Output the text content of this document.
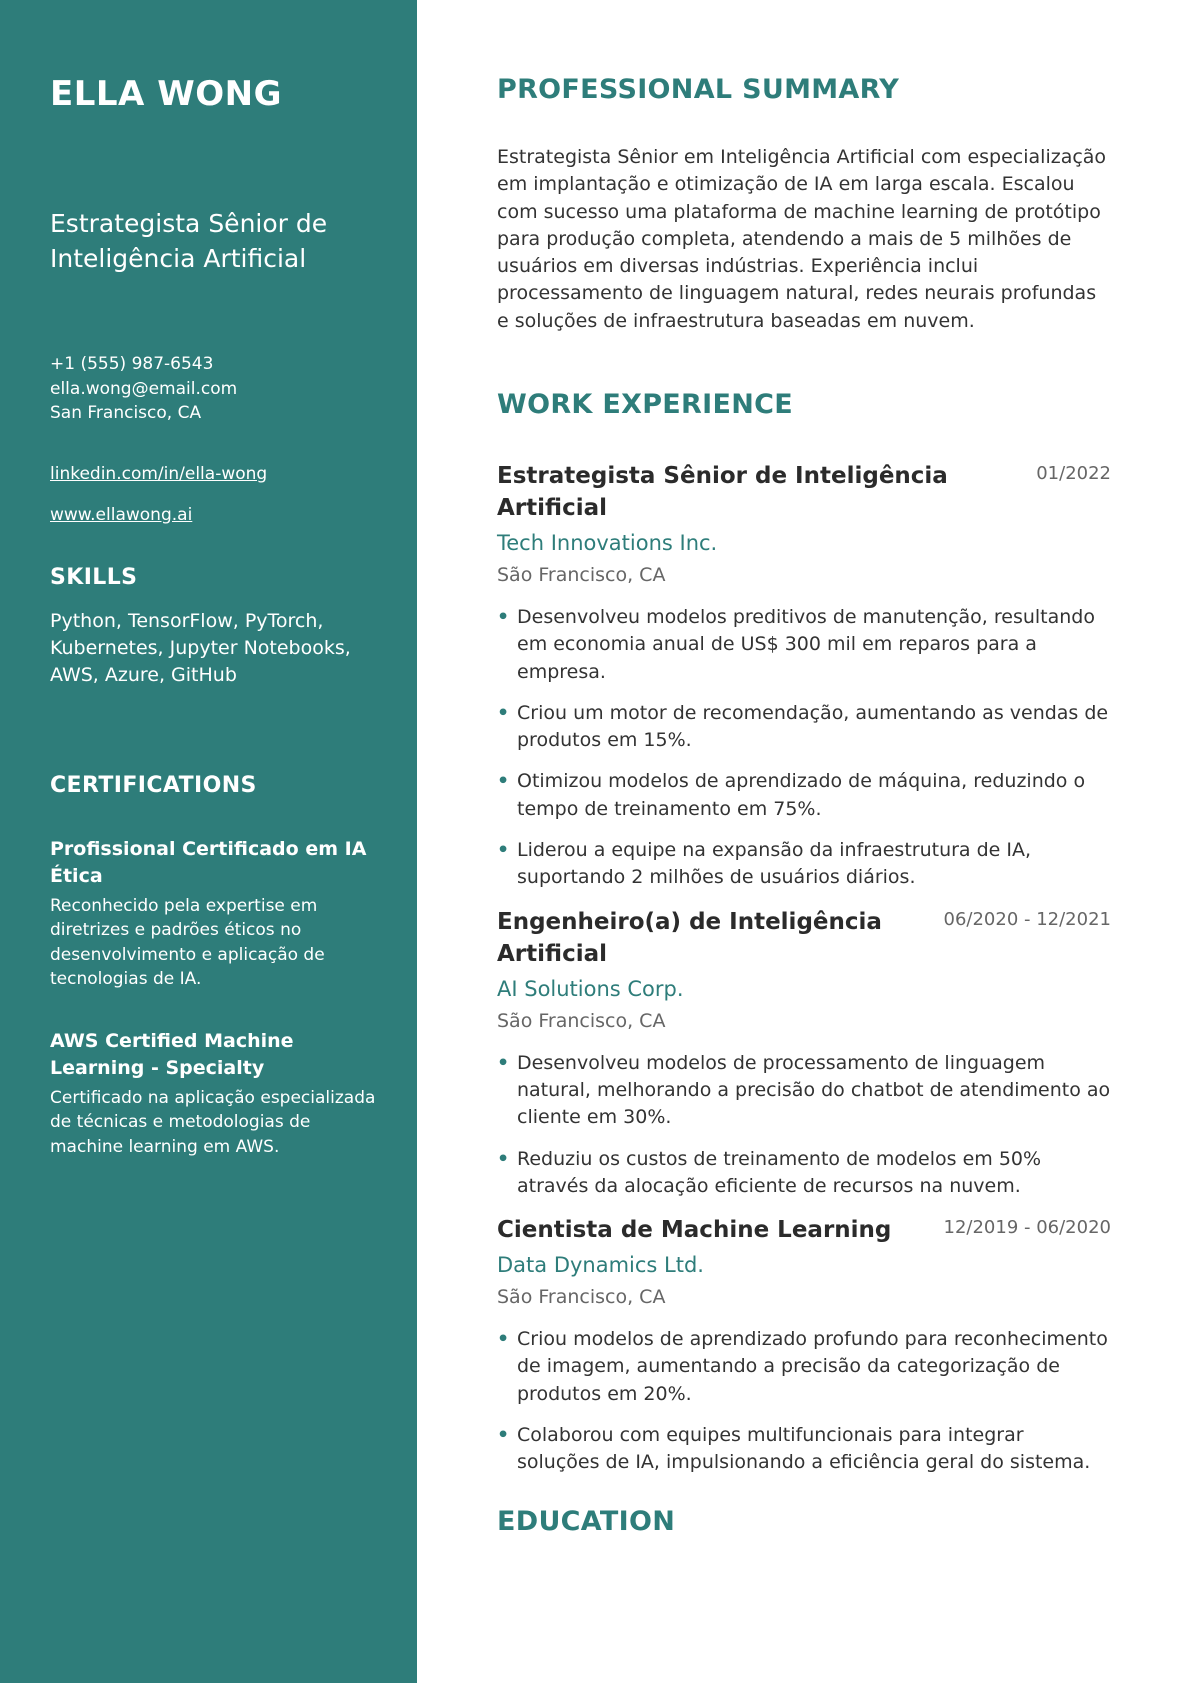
ELLA WONG
Estrategista Sênior de Inteligência Artificial
+1 (555) 987-6543
ella.wong@email.com
San Francisco, CA
linkedin.com/in/ella-wong
www.ellawong.ai
SKILLS
Python, TensorFlow, PyTorch, Kubernetes, Jupyter Notebooks, AWS, Azure, GitHub
CERTIFICATIONS
Profissional Certificado em IA Ética
Reconhecido pela expertise em diretrizes e padrões éticos no desenvolvimento e aplicação de tecnologias de IA.
AWS Certified Machine Learning - Specialty
Certificado na aplicação especializada de técnicas e metodologias de machine learning em AWS.
PROFESSIONAL SUMMARY

Estrategista Sênior em Inteligência Artificial com especialização em implantação e otimização de IA em larga escala. Escalou com sucesso uma plataforma de machine learning de protótipo para produção completa, atendendo a mais de 5 milhões de usuários em diversas indústrias. Experiência inclui processamento de linguagem natural, redes neurais profundas e soluções de infraestrutura baseadas em nuvem.

WORK EXPERIENCE
Estrategista Sênior de Inteligência Artificial
01/2022
Tech Innovations Inc.
São Francisco, CA
• Desenvolveu modelos preditivos de manutenção, resultando em economia anual de US$ 300 mil em reparos para a empresa.
• Criou um motor de recomendação, aumentando as vendas de produtos em 15%.
• Otimizou modelos de aprendizado de máquina, reduzindo o tempo de treinamento em 75%.
• Liderou a equipe na expansão da infraestrutura de IA, suportando 2 milhões de usuários diários.
Engenheiro(a) de Inteligência Artificial
06/2020 - 12/2021
AI Solutions Corp.
São Francisco, CA
• Desenvolveu modelos de processamento de linguagem natural, melhorando a precisão do chatbot de atendimento ao cliente em 30%.
• Reduziu os custos de treinamento de modelos em 50% através da alocação eficiente de recursos na nuvem.
Cientista de Machine Learning	12/2019 - 06/2020
Data Dynamics Ltd.
São Francisco, CA
• Criou modelos de aprendizado profundo para reconhecimento de imagem, aumentando a precisão da categorização de produtos em 20%.
• Colaborou com equipes multifuncionais para integrar soluções de IA, impulsionando a eficiência geral do sistema.
EDUCATION
